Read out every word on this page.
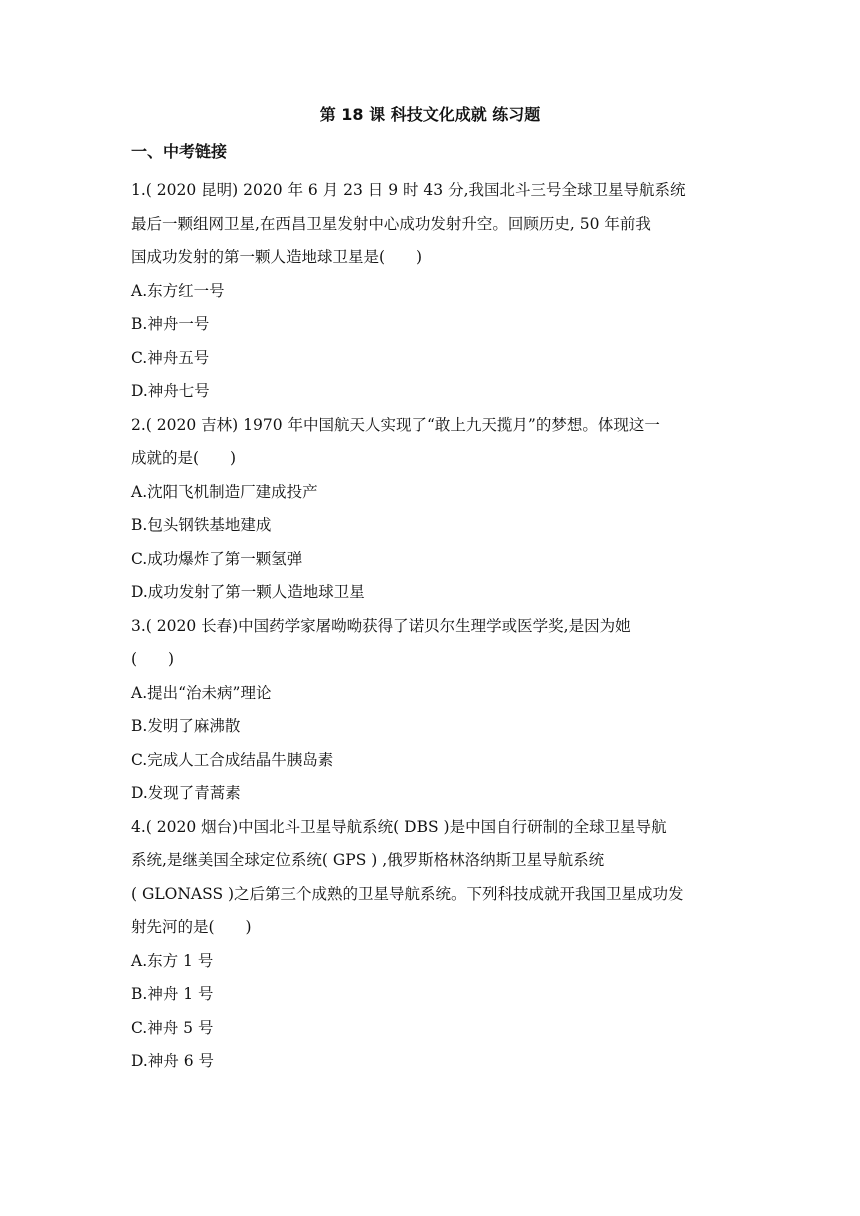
第 18 课 科技文化成就 练习题
一、中考链接

1.( 2020 昆明) 2020 年 6 月 23 日 9 时 43 分,我国北斗三号全球卫星导航系统

最后一颗组网卫星,在西昌卫星发射中心成功发射升空。回顾历史, 50 年前我

国成功发射的第一颗人造地球卫星是(　　)

A.东方红一号

B.神舟一号

C.神舟五号

D.神舟七号

2.( 2020 吉林) 1970 年中国航天人实现了“敢上九天揽月”的梦想。体现这一

成就的是(　　)

A.沈阳飞机制造厂建成投产

B.包头钢铁基地建成

C.成功爆炸了第一颗氢弹

D.成功发射了第一颗人造地球卫星

3.( 2020 长春)中国药学家屠呦呦获得了诺贝尔生理学或医学奖,是因为她

(　　)

A.提出“治未病”理论

B.发明了麻沸散

C.完成人工合成结晶牛胰岛素

D.发现了青蒿素

4.( 2020 烟台)中国北斗卫星导航系统( DBS )是中国自行研制的全球卫星导航

系统,是继美国全球定位系统( GPS ) ,俄罗斯格林洛纳斯卫星导航系统

( GLONASS )之后第三个成熟的卫星导航系统。下列科技成就开我国卫星成功发

射先河的是(　　)

A.东方 1 号

B.神舟 1 号

C.神舟 5 号

D.神舟 6 号
